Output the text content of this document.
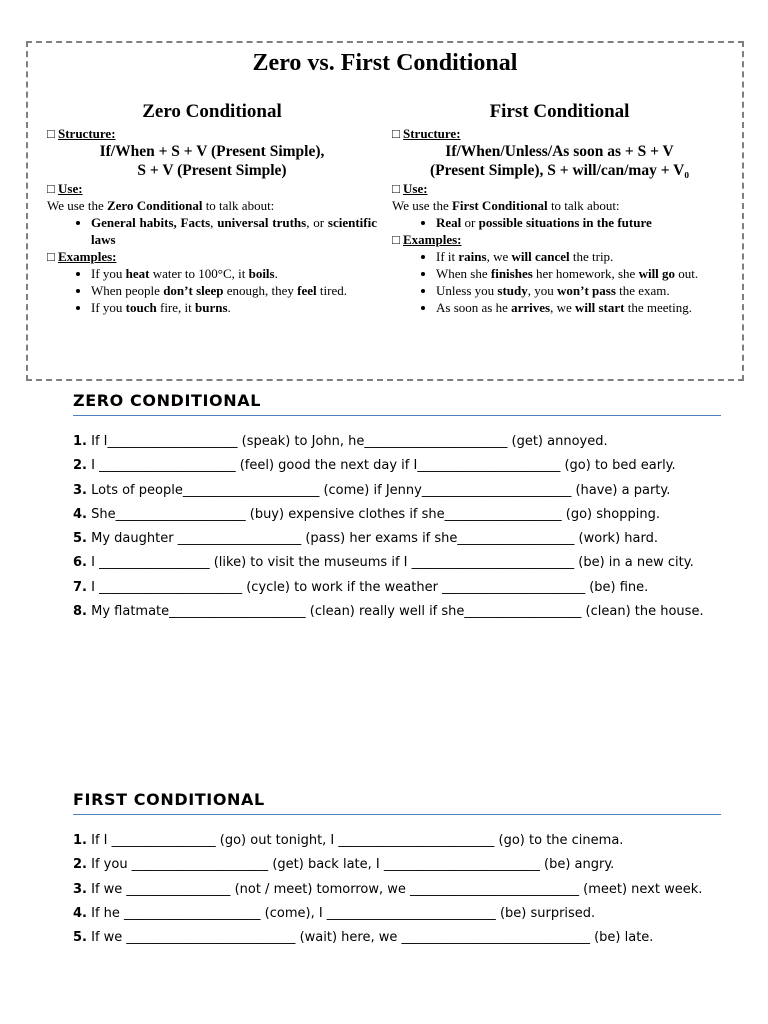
Zero vs. First Conditional
Zero Conditional
□ Structure:
If/When + S + V (Present Simple),
S + V (Present Simple)
□ Use:
We use the Zero Conditional to talk about:
• General habits, Facts, universal truths, or scientific laws
□ Examples:
• If you heat water to 100°C, it boils.
• When people don’t sleep enough, they feel tired.
• If you touch fire, it burns.
First Conditional
□ Structure:
If/When/Unless/As soon as + S + V
(Present Simple), S + will/can/may + V₀
□ Use:
We use the First Conditional to talk about:
• Real or possible situations in the future
□ Examples:
• If it rains, we will cancel the trip.
• When she finishes her homework, she will go out.
• Unless you study, you won’t pass the exam.
• As soon as he arrives, we will start the meeting.
ZERO CONDITIONAL
1. If I____________________ (speak) to John, he______________________ (get) annoyed.
2. I _____________________ (feel) good the next day if I______________________ (go) to bed early.
3. Lots of people_____________________ (come) if Jenny_______________________ (have) a party.
4. She____________________ (buy) expensive clothes if she__________________ (go) shopping.
5. My daughter ___________________ (pass) her exams if she__________________ (work) hard.
6. I _________________ (like) to visit the museums if I _________________________ (be) in a new city.
7. I ______________________ (cycle) to work if the weather ______________________ (be) fine.
8. My flatmate_____________________ (clean) really well if she__________________ (clean) the house.
FIRST CONDITIONAL
1. If I ________________ (go) out tonight, I ________________________ (go) to the cinema.
2. If you _____________________ (get) back late, I ________________________ (be) angry.
3. If we ________________ (not / meet) tomorrow, we __________________________ (meet) next week.
4. If he _____________________ (come), I __________________________ (be) surprised.
5. If we __________________________ (wait) here, we _____________________________ (be) late.
